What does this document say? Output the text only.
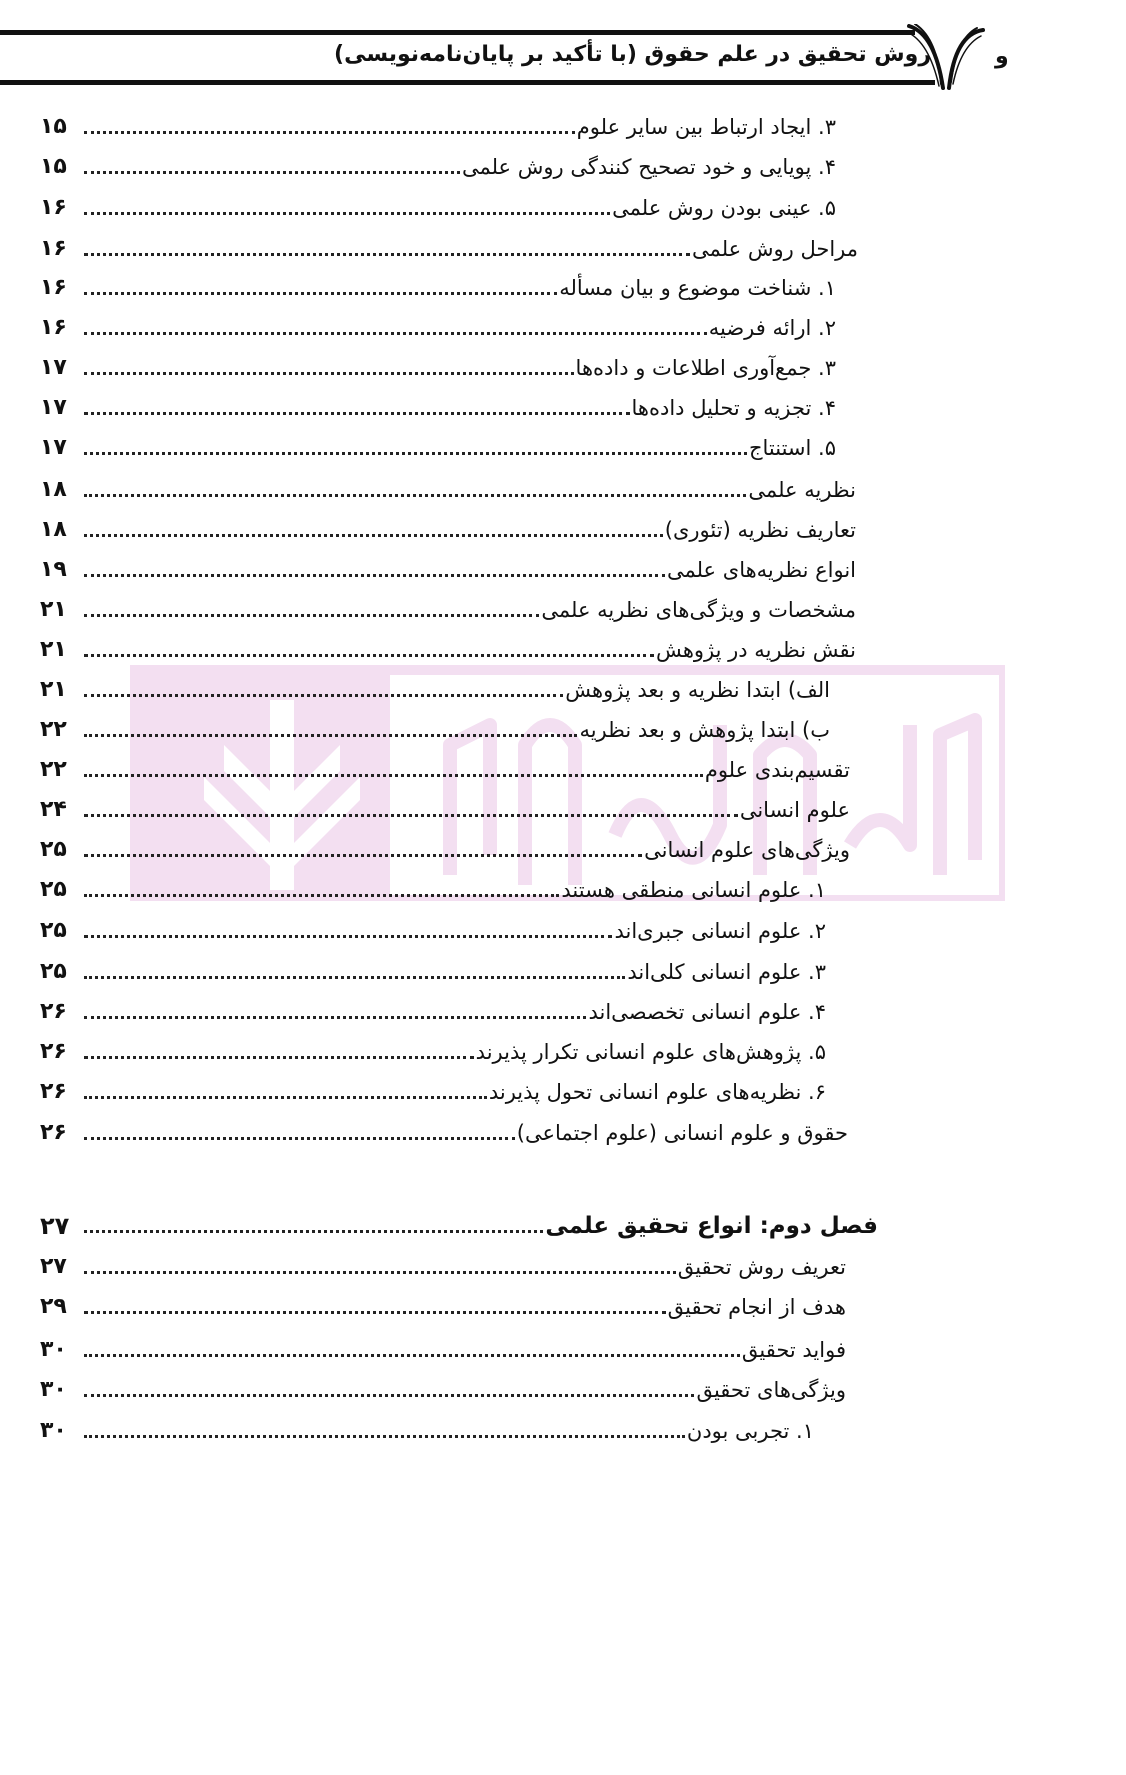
روش تحقیق در علم حقوق (با تأکید بر پایان‌نامه‌نویسی)	و
۳. ایجاد ارتباط بین سایر علوم
۱۵
۴. پویایی و خود تصحیح کنندگی روش علمی
۱۵
۵. عینی بودن روش علمی
۱۶
مراحل روش علمی
۱۶
۱. شناخت موضوع و بیان مسأله
۱۶
۲. ارائه فرضیه
۱۶
۳. جمع‌آوری اطلاعات و داده‌ها
۱۷
۴. تجزیه و تحلیل داده‌ها
۱۷
۵. استنتاج
۱۷
نظریه علمی
۱۸
تعاریف نظریه (تئوری)
۱۸
انواع نظریه‌های علمی
۱۹
مشخصات و ویژگی‌های نظریه علمی
۲۱
نقش نظریه در پژوهش
۲۱
الف) ابتدا نظریه و بعد پژوهش
۲۱
ب) ابتدا پژوهش و بعد نظریه
۲۲
تقسیم‌بندی علوم
۲۲
علوم انسانی
۲۴
ویژگی‌های علوم انسانی
۲۵
۱. علوم انسانی منطقی هستند
۲۵
۲. علوم انسانی جبری‌اند
۲۵
۳. علوم انسانی کلی‌اند
۲۵
۴. علوم انسانی تخصصی‌اند
۲۶
۵. پژوهش‌های علوم انسانی تکرار پذیرند
۲۶
۶. نظریه‌های علوم انسانی تحول پذیرند
۲۶
حقوق و علوم انسانی (علوم اجتماعی)
۲۶
فصل دوم: انواع تحقیق علمی
۲۷
تعریف روش تحقیق
۲۷
هدف از انجام تحقیق
۲۹
فواید تحقیق
۳۰
ویژگی‌های تحقیق
۳۰
۱. تجربی بودن
۳۰
